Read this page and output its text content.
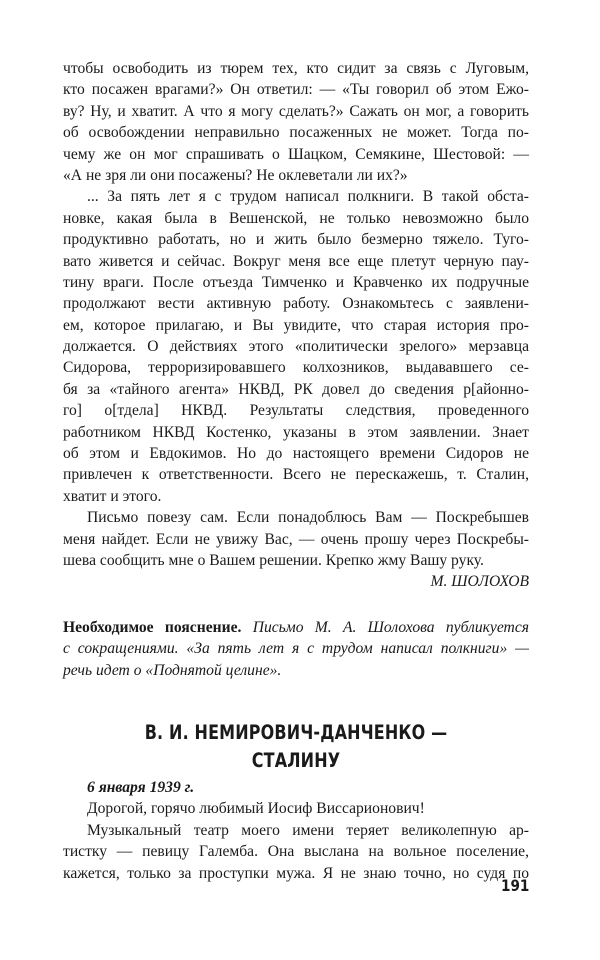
чтобы освободить из тюрем тех, кто сидит за связь с Луговым,
кто посажен врагами?» Он ответил: — «Ты говорил об этом Ежо-
ву? Ну, и хватит. А что я могу сделать?» Сажать он мог, а говорить
об освобождении неправильно посаженных не может. Тогда по-
чему же он мог спрашивать о Шацком, Семякине, Шестовой: —
«А не зря ли они посажены? Не оклеветали ли их?»
... За пять лет я с трудом написал полкниги. В такой обста-
новке, какая была в Вешенской, не только невозможно было
продуктивно работать, но и жить было безмерно тяжело. Туго-
вато живется и сейчас. Вокруг меня все еще плетут черную пау-
тину враги. После отъезда Тимченко и Кравченко их подручные
продолжают вести активную работу. Ознакомьтесь с заявлени-
ем, которое прилагаю, и Вы увидите, что старая история про-
должается. О действиях этого «политически зрелого» мерзавца
Сидорова, терроризировавшего колхозников, выдававшего се-
бя за «тайного агента» НКВД, РК довел до сведения р[айонно-
го] о[тдела] НКВД. Результаты следствия, проведенного
работником НКВД Костенко, указаны в этом заявлении. Знает
об этом и Евдокимов. Но до настоящего времени Сидоров не
привлечен к ответственности. Всего не перескажешь, т. Сталин,
хватит и этого.
Письмо повезу сам. Если понадоблюсь Вам — Поскребышев
меня найдет. Если не увижу Вас, — очень прошу через Поскребы-
шева сообщить мне о Вашем решении. Крепко жму Вашу руку.

М. ШОЛОХОВ

Необходимое пояснение. Письмо М. А. Шолохова публикуется
с сокращениями. «За пять лет я с трудом написал полкниги» —
речь идет о «Поднятой целине».
В. И. НЕМИРОВИЧ-ДАНЧЕНКО — СТАЛИНУ
6 января 1939 г.
Дорогой, горячо любимый Иосиф Виссарионович!
Музыкальный театр моего имени теряет великолепную ар-
тистку — певицу Галемба. Она выслана на вольное поселение,
кажется, только за проступки мужа. Я не знаю точно, но судя по
191
